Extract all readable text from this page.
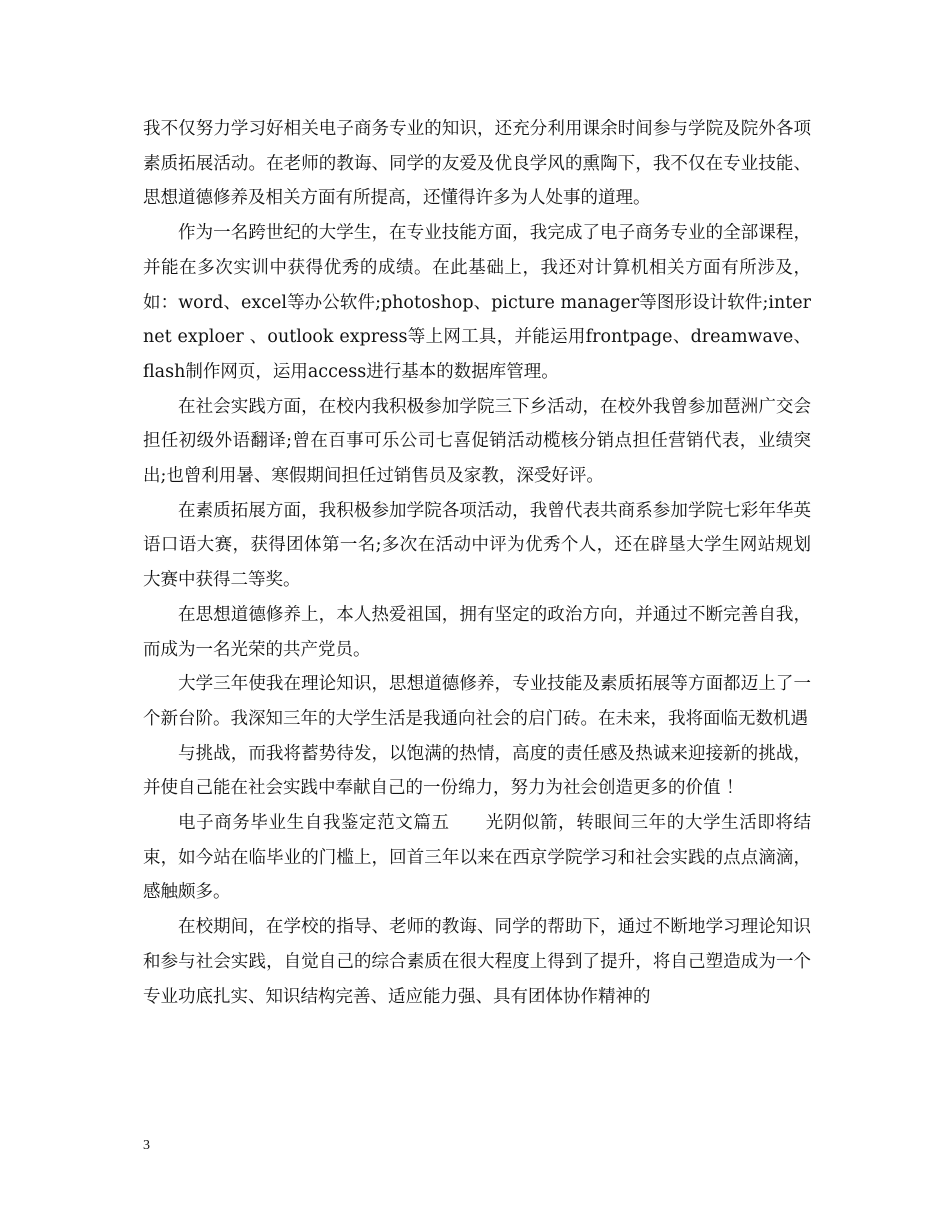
我不仅努力学习好相关电子商务专业的知识，还充分利用课余时间参与学院及院外各项素质拓展活动。在老师的教诲、同学的友爱及优良学风的熏陶下，我不仅在专业技能、思想道德修养及相关方面有所提高，还懂得许多为人处事的道理。

作为一名跨世纪的大学生，在专业技能方面，我完成了电子商务专业的全部课程，并能在多次实训中获得优秀的成绩。在此基础上，我还对计算机相关方面有所涉及，如：word、excel等办公软件;photoshop、picture manager等图形设计软件;internet exploer 、outlook express等上网工具，并能运用frontpage、dreamwave、flash制作网页，运用access进行基本的数据库管理。

在社会实践方面，在校内我积极参加学院三下乡活动，在校外我曾参加琶洲广交会担任初级外语翻译;曾在百事可乐公司七喜促销活动榄核分销点担任营销代表，业绩突出;也曾利用暑、寒假期间担任过销售员及家教，深受好评。

在素质拓展方面，我积极参加学院各项活动，我曾代表共商系参加学院七彩年华英语口语大赛，获得团体第一名;多次在活动中评为优秀个人，还在辟垦大学生网站规划大赛中获得二等奖。

在思想道德修养上，本人热爱祖国，拥有坚定的政治方向，并通过不断完善自我，而成为一名光荣的共产党员。

大学三年使我在理论知识，思想道德修养，专业技能及素质拓展等方面都迈上了一个新台阶。我深知三年的大学生活是我通向社会的启门砖。在未来，我将面临无数机遇

与挑战，而我将蓄势待发，以饱满的热情，高度的责任感及热诚来迎接新的挑战，并使自己能在社会实践中奉献自己的一份绵力，努力为社会创造更多的价值 ！

电子商务毕业生自我鉴定范文篇五　　光阴似箭，转眼间三年的大学生活即将结束，如今站在临毕业的门槛上，回首三年以来在西京学院学习和社会实践的点点滴滴，感触颇多。

在校期间，在学校的指导、老师的教诲、同学的帮助下，通过不断地学习理论知识和参与社会实践，自觉自己的综合素质在很大程度上得到了提升，将自己塑造成为一个专业功底扎实、知识结构完善、适应能力强、具有团体协作精神的

3
